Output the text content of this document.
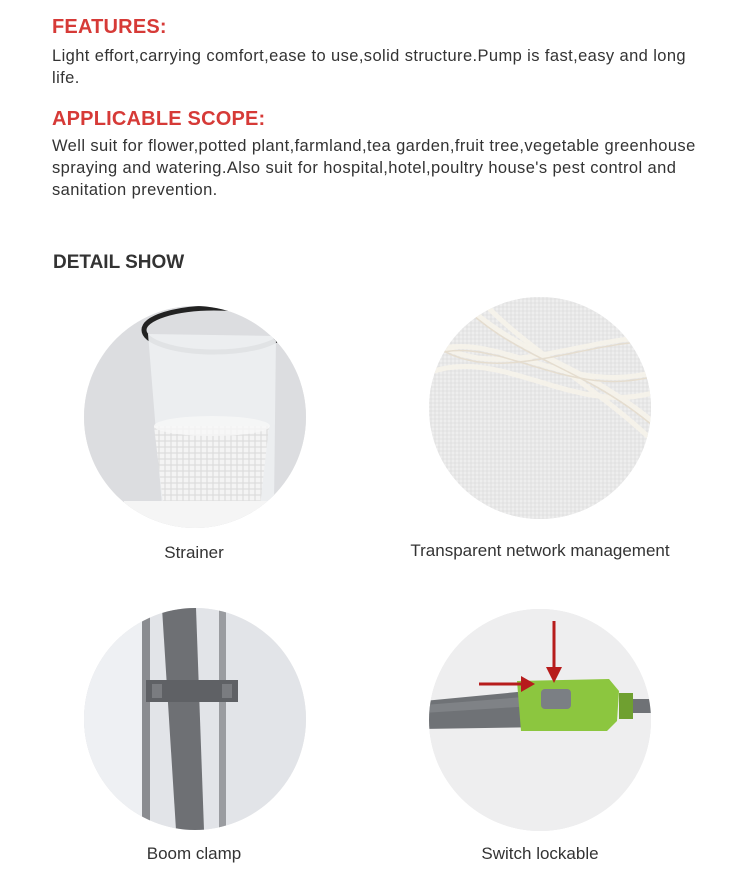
FEATURES:

Light effort,carrying comfort,ease to use,solid structure.Pump is fast,easy and long life.

APPLICABLE SCOPE:

Well suit for flower,potted plant,farmland,tea garden,fruit tree,vegetable greenhouse spraying and watering.Also suit for hospital,hotel,poultry house's pest control and sanitation prevention.

DETAIL SHOW
Strainer	Transparent network management
Boom clamp	Switch lockable
